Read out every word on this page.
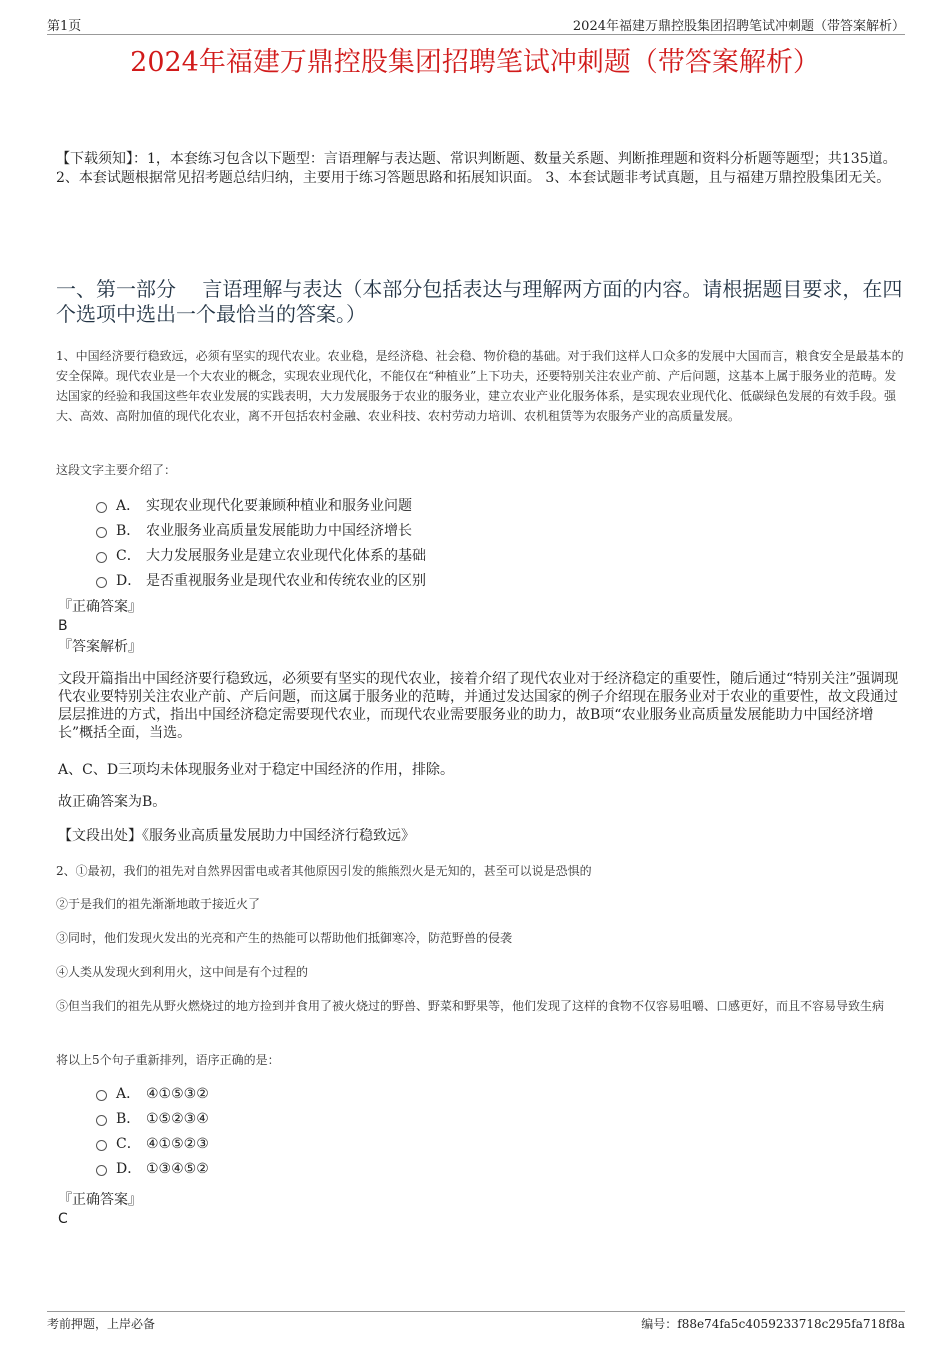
第1页	2024年福建万鼎控股集团招聘笔试冲刺题（带答案解析）
2024年福建万鼎控股集团招聘笔试冲刺题（带答案解析）
【下载须知】：1，本套练习包含以下题型：言语理解与表达题、常识判断题、数量关系题、判断推理题和资料分析题等题型；共135道。 2、本套试题根据常见招考题总结归纳，主要用于练习答题思路和拓展知识面。 3、本套试题非考试真题，且与福建万鼎控股集团无关。
一、第一部分　 言语理解与表达（本部分包括表达与理解两方面的内容。请根据题目要求，在四个选项中选出一个最恰当的答案。）
1、中国经济要行稳致远，必须有坚实的现代农业。农业稳，是经济稳、社会稳、物价稳的基础。对于我们这样人口众多的发展中大国而言，粮食安全是最基本的安全保障。现代农业是一个大农业的概念，实现农业现代化，不能仅在“种植业”上下功夫，还要特别关注农业产前、产后问题，这基本上属于服务业的范畴。发达国家的经验和我国这些年农业发展的实践表明，大力发展服务于农业的服务业，建立农业产业化服务体系，是实现农业现代化、低碳绿色发展的有效手段。强大、高效、高附加值的现代化农业，离不开包括农村金融、农业科技、农村劳动力培训、农机租赁等为农服务产业的高质量发展。
这段文字主要介绍了：
A． 实现农业现代化要兼顾种植业和服务业问题
B． 农业服务业高质量发展能助力中国经济增长
C． 大力发展服务业是建立农业现代化体系的基础
D． 是否重视服务业是现代农业和传统农业的区别
『正确答案』
B
『答案解析』
文段开篇指出中国经济要行稳致远，必须要有坚实的现代农业，接着介绍了现代农业对于经济稳定的重要性，随后通过“特别关注”强调现代农业要特别关注农业产前、产后问题，而这属于服务业的范畴，并通过发达国家的例子介绍现在服务业对于农业的重要性，故文段通过层层推进的方式，指出中国经济稳定需要现代农业，而现代农业需要服务业的助力，故B项“农业服务业高质量发展能助力中国经济增长”概括全面，当选。
A、C、D三项均未体现服务业对于稳定中国经济的作用，排除。
故正确答案为B。
【文段出处】《服务业高质量发展助力中国经济行稳致远》
2、①最初，我们的祖先对自然界因雷电或者其他原因引发的熊熊烈火是无知的，甚至可以说是恐惧的
②于是我们的祖先渐渐地敢于接近火了
③同时，他们发现火发出的光亮和产生的热能可以帮助他们抵御寒冷，防范野兽的侵袭
④人类从发现火到利用火，这中间是有个过程的
⑤但当我们的祖先从野火燃烧过的地方捡到并食用了被火烧过的野兽、野菜和野果等，他们发现了这样的食物不仅容易咀嚼、口感更好，而且不容易导致生病
将以上5个句子重新排列，语序正确的是：
A． ④①⑤③②
B． ①⑤②③④
C． ④①⑤②③
D． ①③④⑤②
『正确答案』
C
考前押题，上岸必备	编号：f88e74fa5c4059233718c295fa718f8a
